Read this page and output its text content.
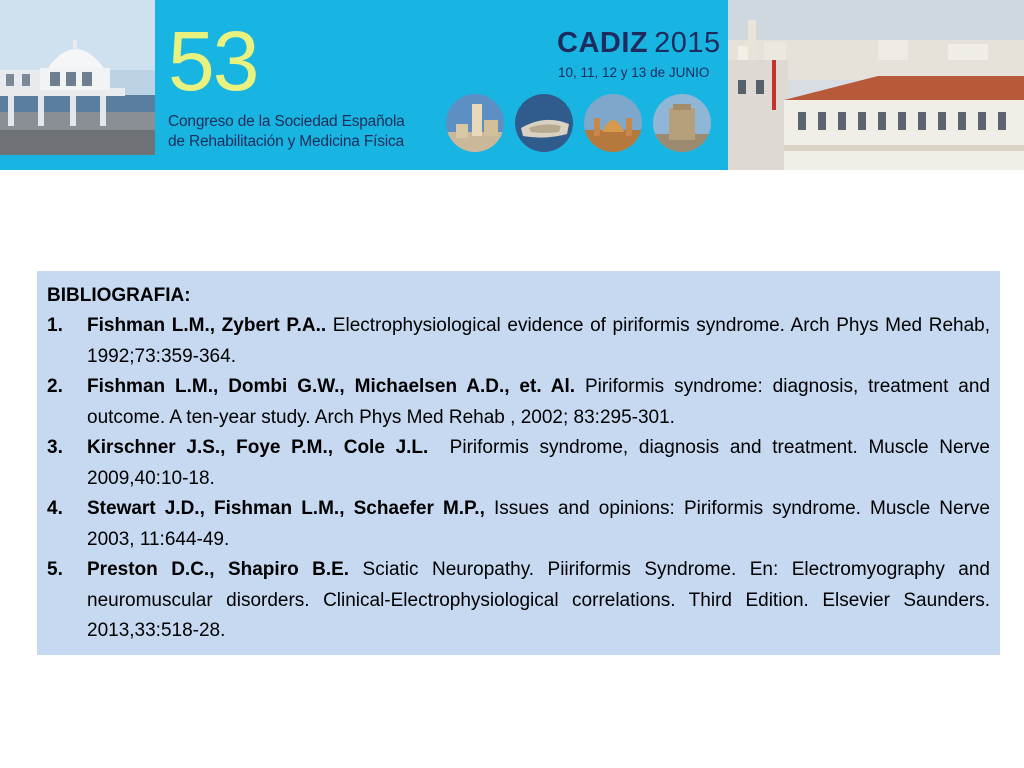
53
Congreso de la Sociedad Española
de Rehabilitación y Medicina Física
CADIZ 2015
10, 11, 12 y 13 de JUNIO
BIBLIOGRAFIA:
1. Fishman L.M., Zybert P.A.. Electrophysiological evidence of piriformis syndrome. Arch Phys Med Rehab, 1992;73:359-364.
2. Fishman L.M., Dombi G.W., Michaelsen A.D., et. Al. Piriformis syndrome: diagnosis, treatment and outcome. A ten-year study. Arch Phys Med Rehab , 2002; 83:295-301.
3. Kirschner J.S., Foye P.M., Cole J.L.  Piriformis syndrome, diagnosis and treatment. Muscle Nerve 2009,40:10-18.
4. Stewart J.D., Fishman L.M., Schaefer M.P., Issues and opinions: Piriformis syndrome. Muscle Nerve 2003, 11:644-49.
5. Preston D.C., Shapiro B.E. Sciatic Neuropathy. Piiriformis Syndrome. En: Electromyography and neuromuscular disorders. Clinical-Electrophysiological correlations. Third Edition. Elsevier Saunders. 2013,33:518-28.
